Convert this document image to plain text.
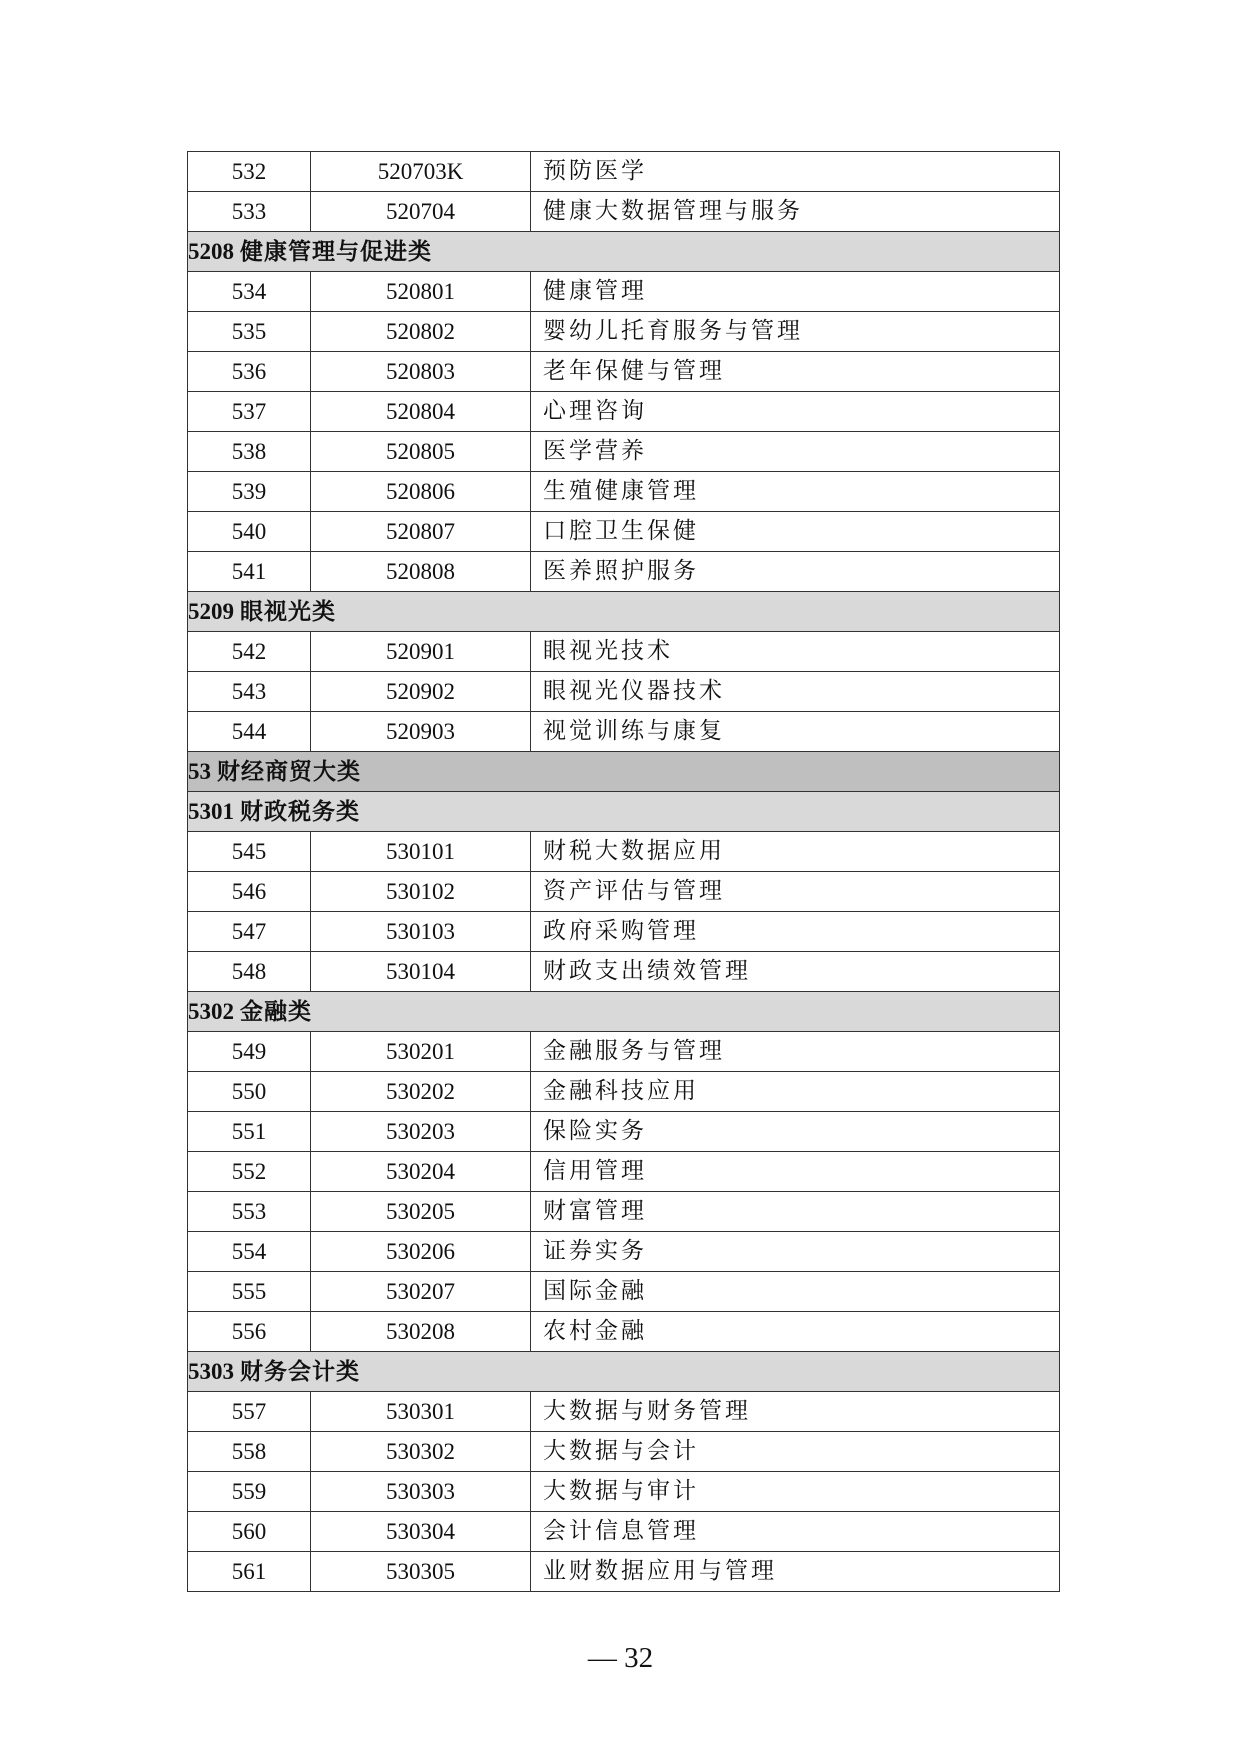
532	520703K	预防医学
533	520704	健康大数据管理与服务
5208 健康管理与促进类		
534	520801	健康管理
535	520802	婴幼儿托育服务与管理
536	520803	老年保健与管理
537	520804	心理咨询
538	520805	医学营养
539	520806	生殖健康管理
540	520807	口腔卫生保健
541	520808	医养照护服务
5209 眼视光类		
542	520901	眼视光技术
543	520902	眼视光仪器技术
544	520903	视觉训练与康复
53 财经商贸大类		
5301 财政税务类		
545	530101	财税大数据应用
546	530102	资产评估与管理
547	530103	政府采购管理
548	530104	财政支出绩效管理
5302 金融类		
549	530201	金融服务与管理
550	530202	金融科技应用
551	530203	保险实务
552	530204	信用管理
553	530205	财富管理
554	530206	证券实务
555	530207	国际金融
556	530208	农村金融
5303 财务会计类		
557	530301	大数据与财务管理
558	530302	大数据与会计
559	530303	大数据与审计
560	530304	会计信息管理
561	530305	业财数据应用与管理
— 32
